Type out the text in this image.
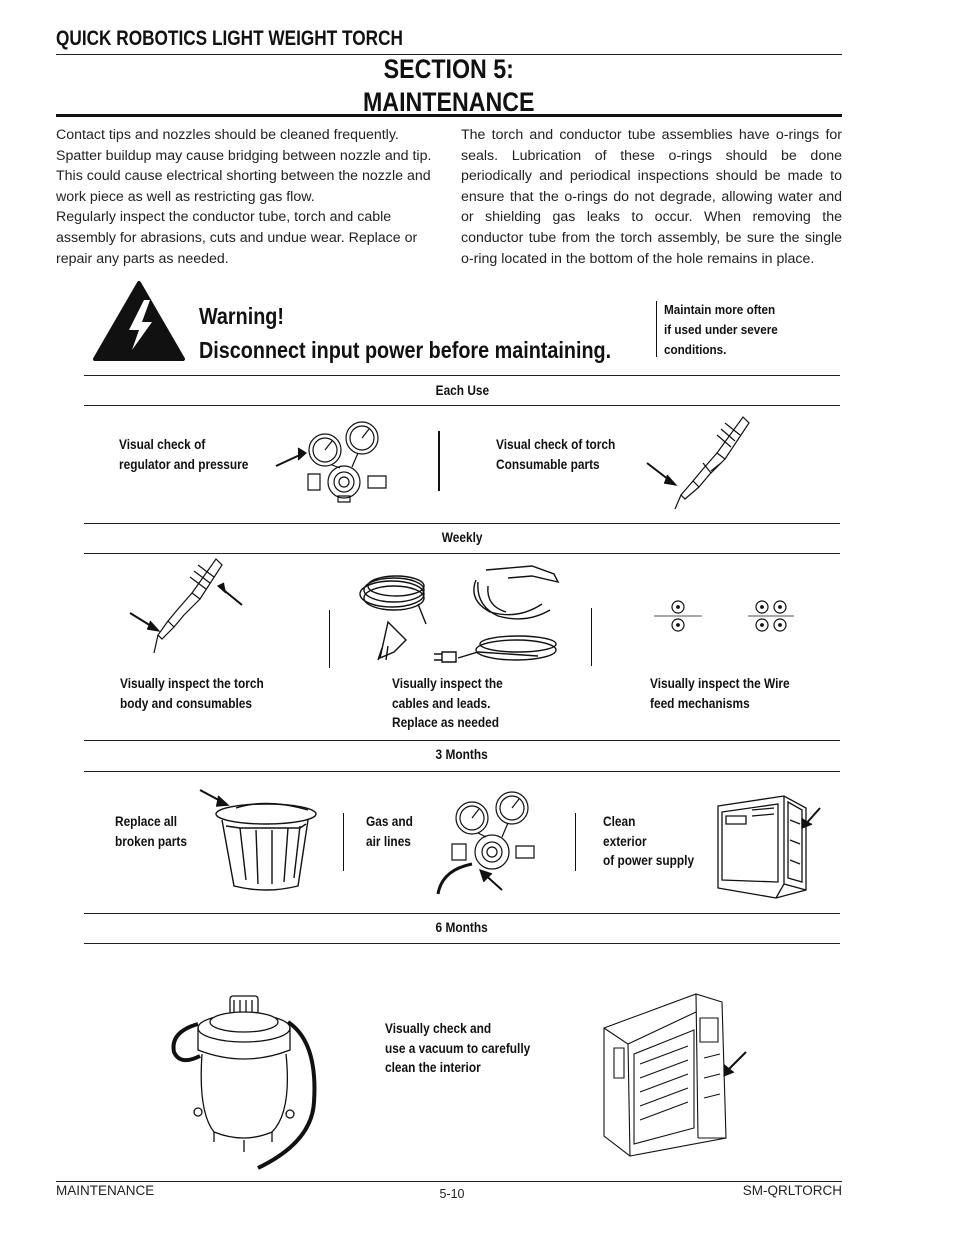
QUICK ROBOTICS LIGHT WEIGHT TORCH
SECTION 5:
MAINTENANCE
Contact tips and nozzles should be cleaned frequently.
Spatter buildup may cause bridging between nozzle and tip.
This could cause electrical shorting between the nozzle and
work piece as well as restricting gas flow.
Regularly inspect the conductor tube, torch and cable
assembly for abrasions, cuts and undue wear. Replace or
repair any parts as needed.
The torch and conductor tube assemblies have o-rings for seals. Lubrication of these o-rings should be done periodically and periodical inspections should be made to ensure that the o-rings do not degrade, allowing water and or shielding gas leaks to occur. When removing the conductor tube from the torch assembly, be sure the single o-ring located in the bottom of the hole remains in place.
Warning!
Disconnect input power before maintaining.
Maintain more often
if used under severe
conditions.
Each Use
Visual check of
regulator and pressure
Visual check of torch
Consumable parts
Weekly
Visually inspect the torch
body and consumables
Visually inspect the
cables and leads.
Replace as needed
Visually inspect the Wire
feed mechanisms
3 Months
Replace all
broken parts
Gas and
air lines
Clean
exterior
of power supply
6 Months
Visually check and
use a vacuum to carefully
clean the interior
MAINTENANCE	5-10	SM-QRLTORCH
